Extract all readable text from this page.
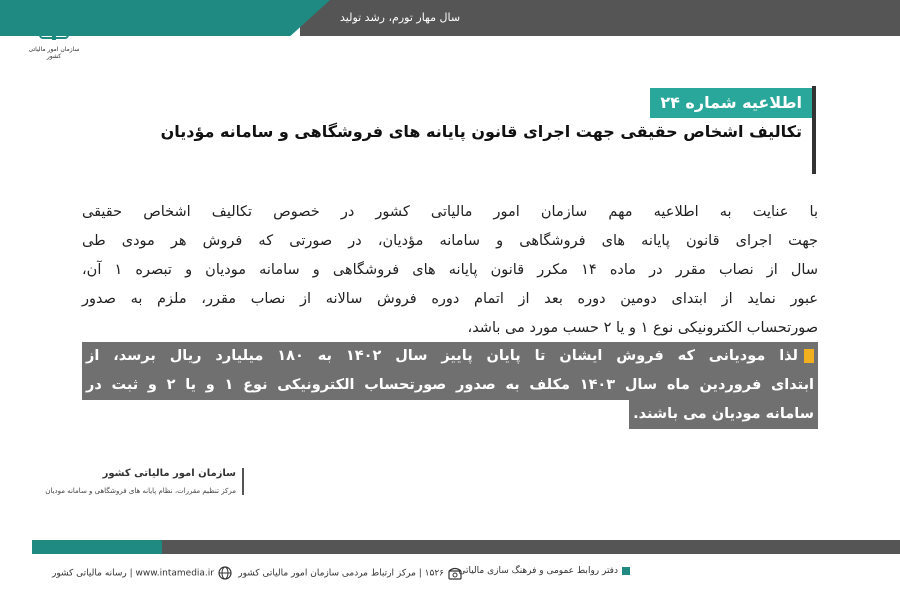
سال مهار تورم، رشد تولید
سازمان امور مالیاتی کشور
اطلاعیه شماره ۲۴
تکالیف اشخاص حقیقی جهت اجرای قانون پایانه های فروشگاهی و سامانه مؤدیان
با عنایت به اطلاعیه مهم سازمان امور مالیاتی کشور در خصوص تکالیف اشخاص حقیقی
جهت اجرای قانون پایانه های فروشگاهی و سامانه مؤدیان، در صورتی که فروش هر مودی طی
سال از نصاب مقرر در ماده ۱۴ مکرر قانون پایانه های فروشگاهی و سامانه مودیان و تبصره ۱ آن،
عبور نماید از ابتدای دومین دوره بعد از اتمام دوره فروش سالانه از نصاب مقرر، ملزم به صدور
صورتحساب الکترونیکی نوع ۱ و یا ۲ حسب مورد می باشد،
لذا مودیانی که فروش ایشان تا پایان پاییز سال ۱۴۰۲ به ۱۸۰ میلیارد ریال برسد، از
ابتدای فروردین ماه سال ۱۴۰۳ مکلف به صدور صورتحساب الکترونیکی نوع ۱ و یا ۲ و ثبت در
سامانه مودیان می باشند.
سازمان امور مالیاتی کشور
مرکز تنظیم مقررات، نظام پایانه های فروشگاهی و سامانه مودیان
دفتر روابط عمومی و فرهنگ سازی مالیاتی
۱۵۲۶ | مرکز ارتباط مردمی سازمان امور مالیاتی کشور
www.intamedia.ir | رسانه مالیاتی کشور
